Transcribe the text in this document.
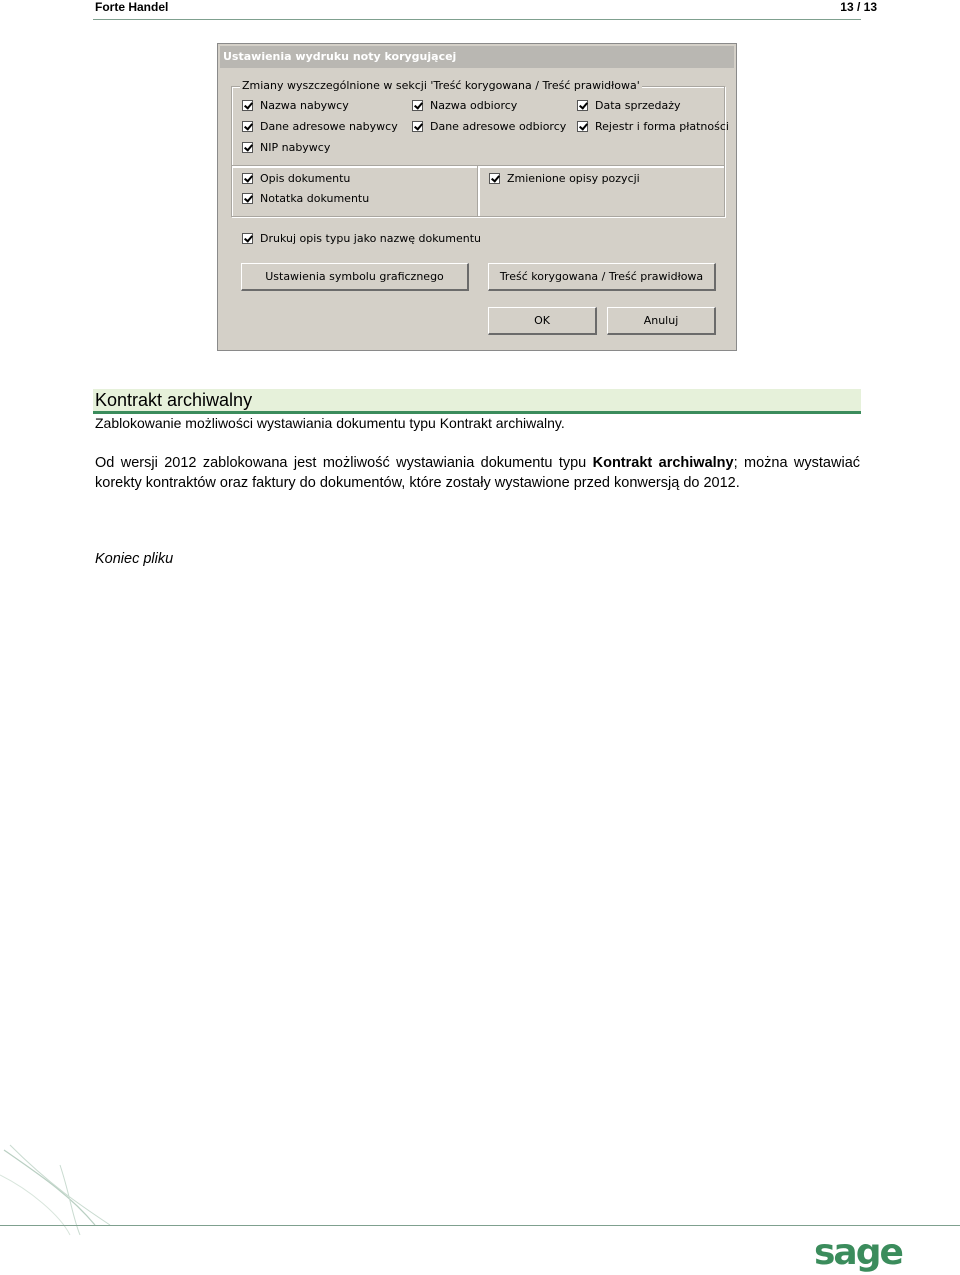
Forte Handel	13 / 13
Ustawienia wydruku noty korygującej
Zmiany wyszczególnione w sekcji 'Treść korygowana / Treść prawidłowa'
Nazwa nabywcy	Nazwa odbiorcy	Data sprzedaży
Dane adresowe nabywcy	Dane adresowe odbiorcy	Rejestr i forma płatności
NIP nabywcy
Opis dokumentu
Notatka dokumentu
Zmienione opisy pozycji
Drukuj opis typu jako nazwę dokumentu
Ustawienia symbolu graficznego	Treść korygowana / Treść prawidłowa
OK	Anuluj
Kontrakt archiwalny
Zablokowanie możliwości wystawiania dokumentu typu Kontrakt archiwalny.
Od wersji 2012 zablokowana jest możliwość wystawiania dokumentu typu Kontrakt archiwalny; można wystawiać korekty kontraktów oraz faktury do dokumentów, które zostały wystawione przed konwersją do 2012.
Koniec pliku
sage
